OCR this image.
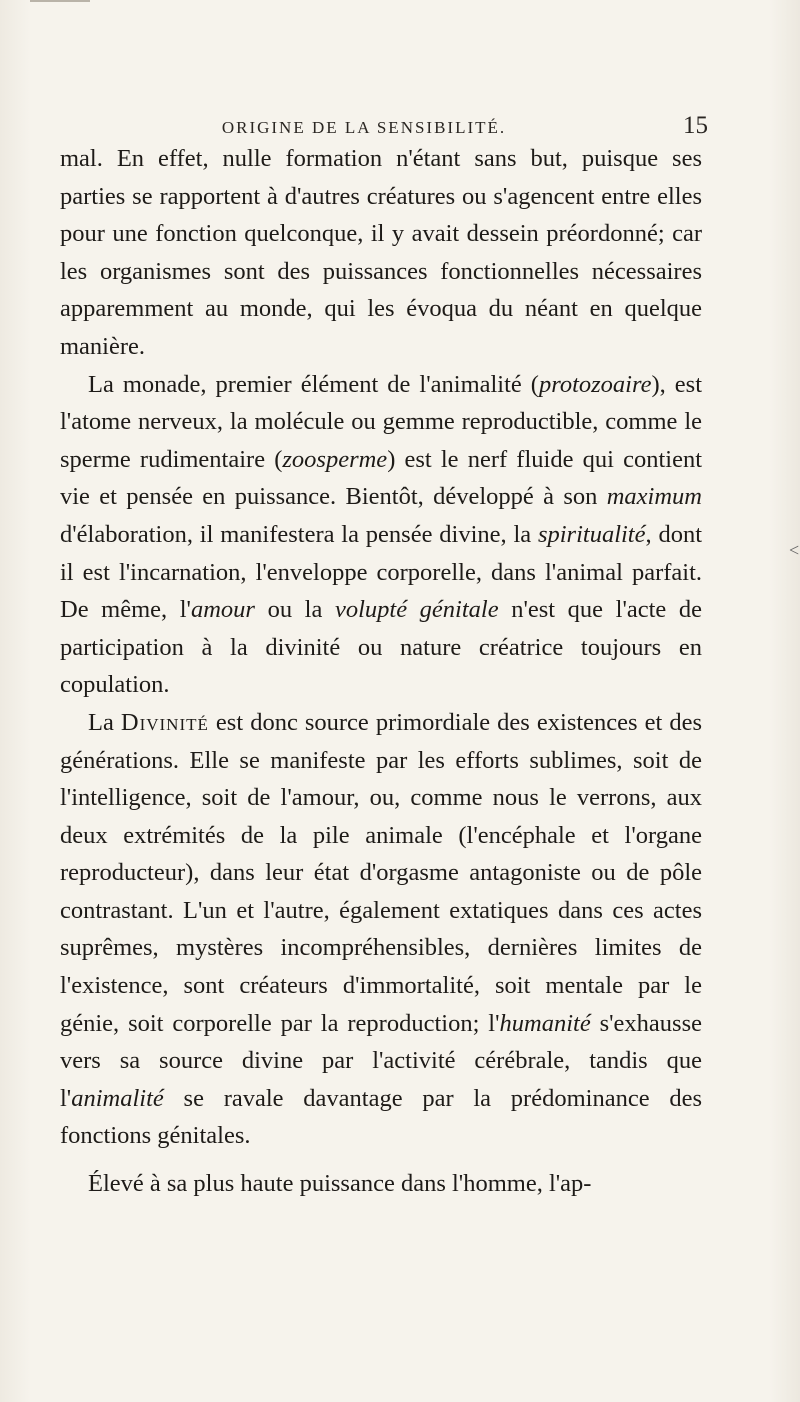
ORIGINE DE LA SENSIBILITÉ.	15

mal. En effet, nulle formation n'étant sans but, puisque ses parties se rapportent à d'autres créatures ou s'agencent entre elles pour une fonction quelconque, il y avait dessein préordonné; car les organismes sont des puissances fonctionnelles nécessaires apparemment au monde, qui les évoqua du néant en quelque manière.

La monade, premier élément de l'animalité (protozoaire), est l'atome nerveux, la molécule ou gemme reproductible, comme le sperme rudimentaire (zoosperme) est le nerf fluide qui contient vie et pensée en puissance. Bientôt, développé à son maximum d'élaboration, il manifestera la pensée divine, la spiritualité, dont il est l'incarnation, l'enveloppe corporelle, dans l'animal parfait. De même, l'amour ou la volupté génitale n'est que l'acte de participation à la divinité ou nature créatrice toujours en copulation.

La Divinité est donc source primordiale des existences et des générations. Elle se manifeste par les efforts sublimes, soit de l'intelligence, soit de l'amour, ou, comme nous le verrons, aux deux extrémités de la pile animale (l'encéphale et l'organe reproducteur), dans leur état d'orgasme antagoniste ou de pôle contrastant. L'un et l'autre, également extatiques dans ces actes suprêmes, mystères incompréhensibles, dernières limites de l'existence, sont créateurs d'immortalité, soit mentale par le génie, soit corporelle par la reproduction; l'humanité s'exhausse vers sa source divine par l'activité cérébrale, tandis que l'animalité se ravale davantage par la prédominance des fonctions génitales.

Élevé à sa plus haute puissance dans l'homme, l'ap-

<
